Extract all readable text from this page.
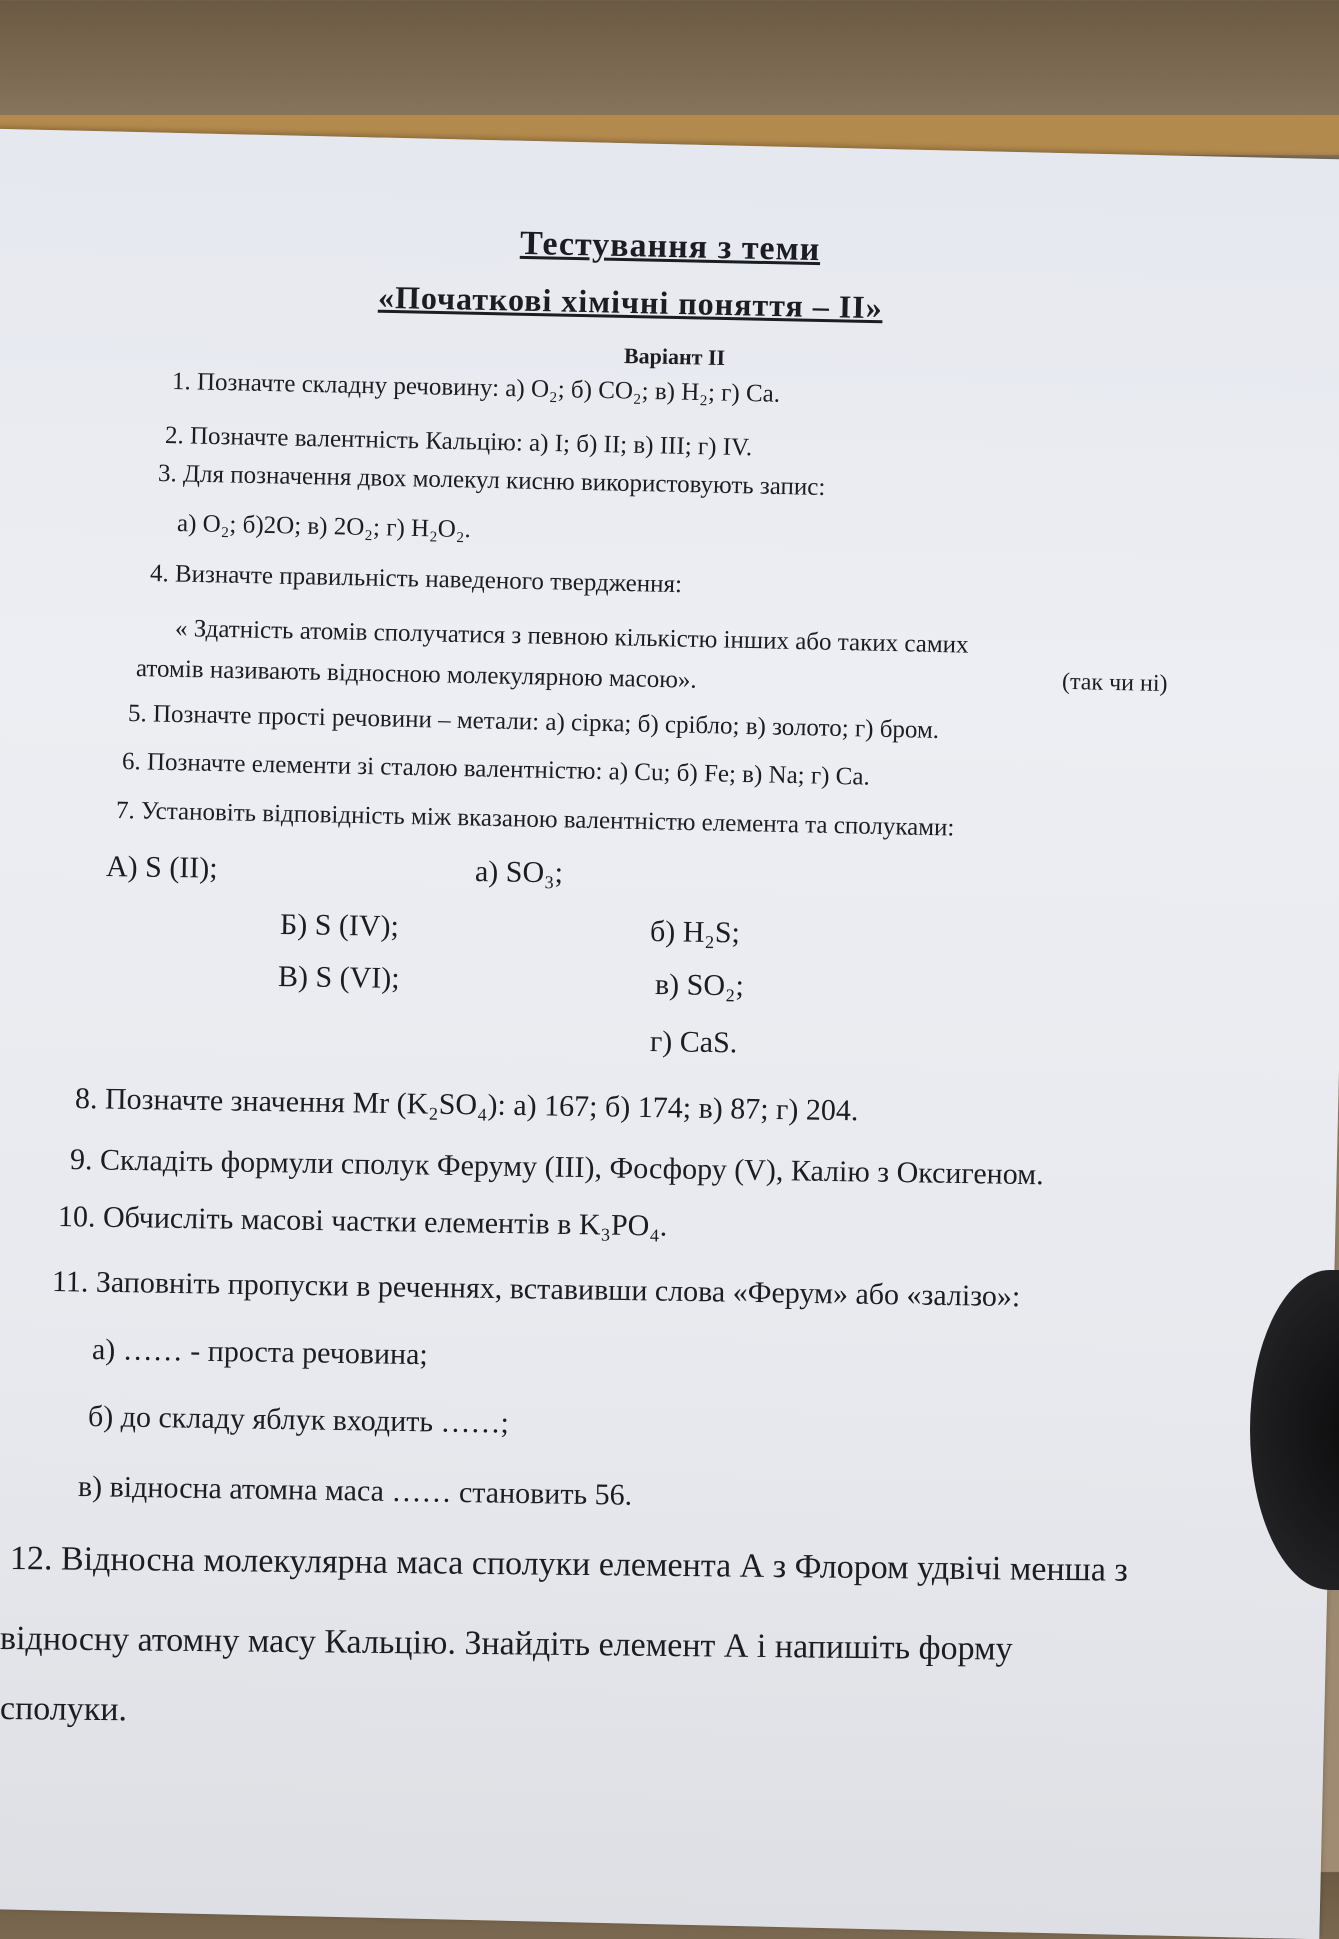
Тестування з теми
«Початкові хімічні поняття – ІІ»
Варіант ІІ
1. Позначте складну речовину: а) О₂; б) СО₂; в) Н₂; г) Са.
2. Позначте валентність Кальцію: а) І; б) ІІ; в) ІІІ; г) ІV.
3. Для позначення двох молекул кисню використовують запис:
а) О₂; б)2О; в) 2О₂; г) Н₂О₂.
4. Визначте правильність наведеного твердження:
« Здатність атомів сполучатися з певною кількістю інших або таких самих
атомів називають відносною молекулярною масою».	(так чи ні)
5. Позначте прості речовини – метали: а) сірка; б) срібло; в) золото; г) бром.
6. Позначте елементи зі сталою валентністю: а) Cu; б) Fe; в) Na; г) Ca.
7. Установіть відповідність між вказаною валентністю елемента та сполуками:
А) S (ІІ);
Б) S (ІV);
В) S (VІ);
а) SО₃;
б) Н₂S;
в) SО₂;
г) CaS.
8. Позначте значення Mr (K₂SO₄): а) 167; б) 174; в) 87; г) 204.
9. Складіть формули сполук Феруму (ІІІ), Фосфору (V), Калію з Оксигеном.
10. Обчисліть масові частки елементів в K₃PO₄.
11. Заповніть пропуски в реченнях, вставивши слова «Ферум» або «залізо»:
а) …… - проста речовина;
б) до складу яблук входить ……;
в) відносна атомна маса …… становить 56.
12. Відносна молекулярна маса сполуки елемента А з Флором удвічі менша з
відносну атомну масу Кальцію. Знайдіть елемент А і напишіть форму
сполуки.
